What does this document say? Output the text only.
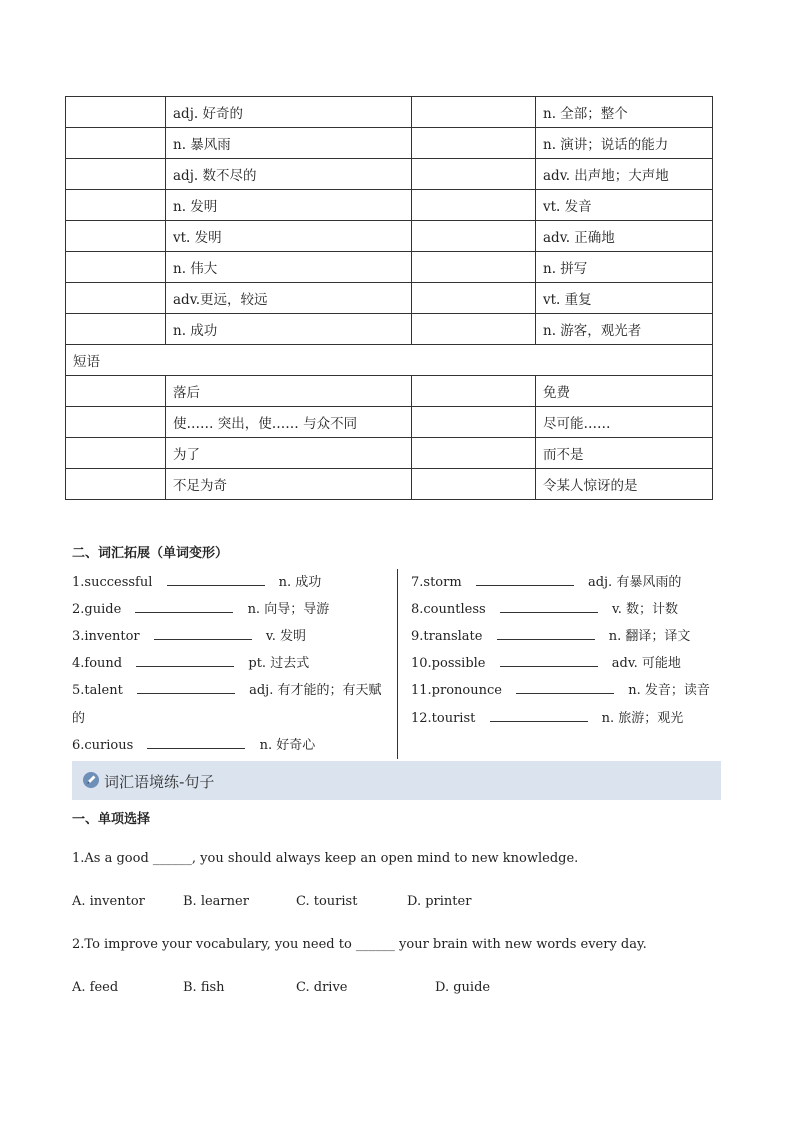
	adj. 好奇的		n. 全部；整个
	n. 暴风雨		n. 演讲；说话的能力
	adj. 数不尽的		adv. 出声地；大声地
	n. 发明		vt. 发音
	vt. 发明		adv. 正确地
	n. 伟大		n. 拼写
	adv.更远，较远		vt. 重复
	n. 成功		n. 游客，观光者
短语			
	落后		免费
	使…… 突出，使…… 与众不同		尽可能……
	为了		而不是
	不足为奇		令某人惊讶的是
二、词汇拓展（单词变形）
1.successful	n. 成功
2.guide	n. 向导；导游
3.inventor	v. 发明
4.found	pt. 过去式
5.talent	adj. 有才能的；有天赋
的
6.curious	n. 好奇心
7.storm	adj. 有暴风雨的
8.countless	v. 数；计数
9.translate	n. 翻译；译文
10.possible	adv. 可能地
11.pronounce	n. 发音；读音
12.tourist	n. 旅游；观光
词汇语境练-句子
一、单项选择
1.As a good ______, you should always keep an open mind to new knowledge.
A. inventor	B. learner	C. tourist	D. printer
2.To improve your vocabulary, you need to ______ your brain with new words every day.
A. feed	B. fish	C. drive	D. guide
